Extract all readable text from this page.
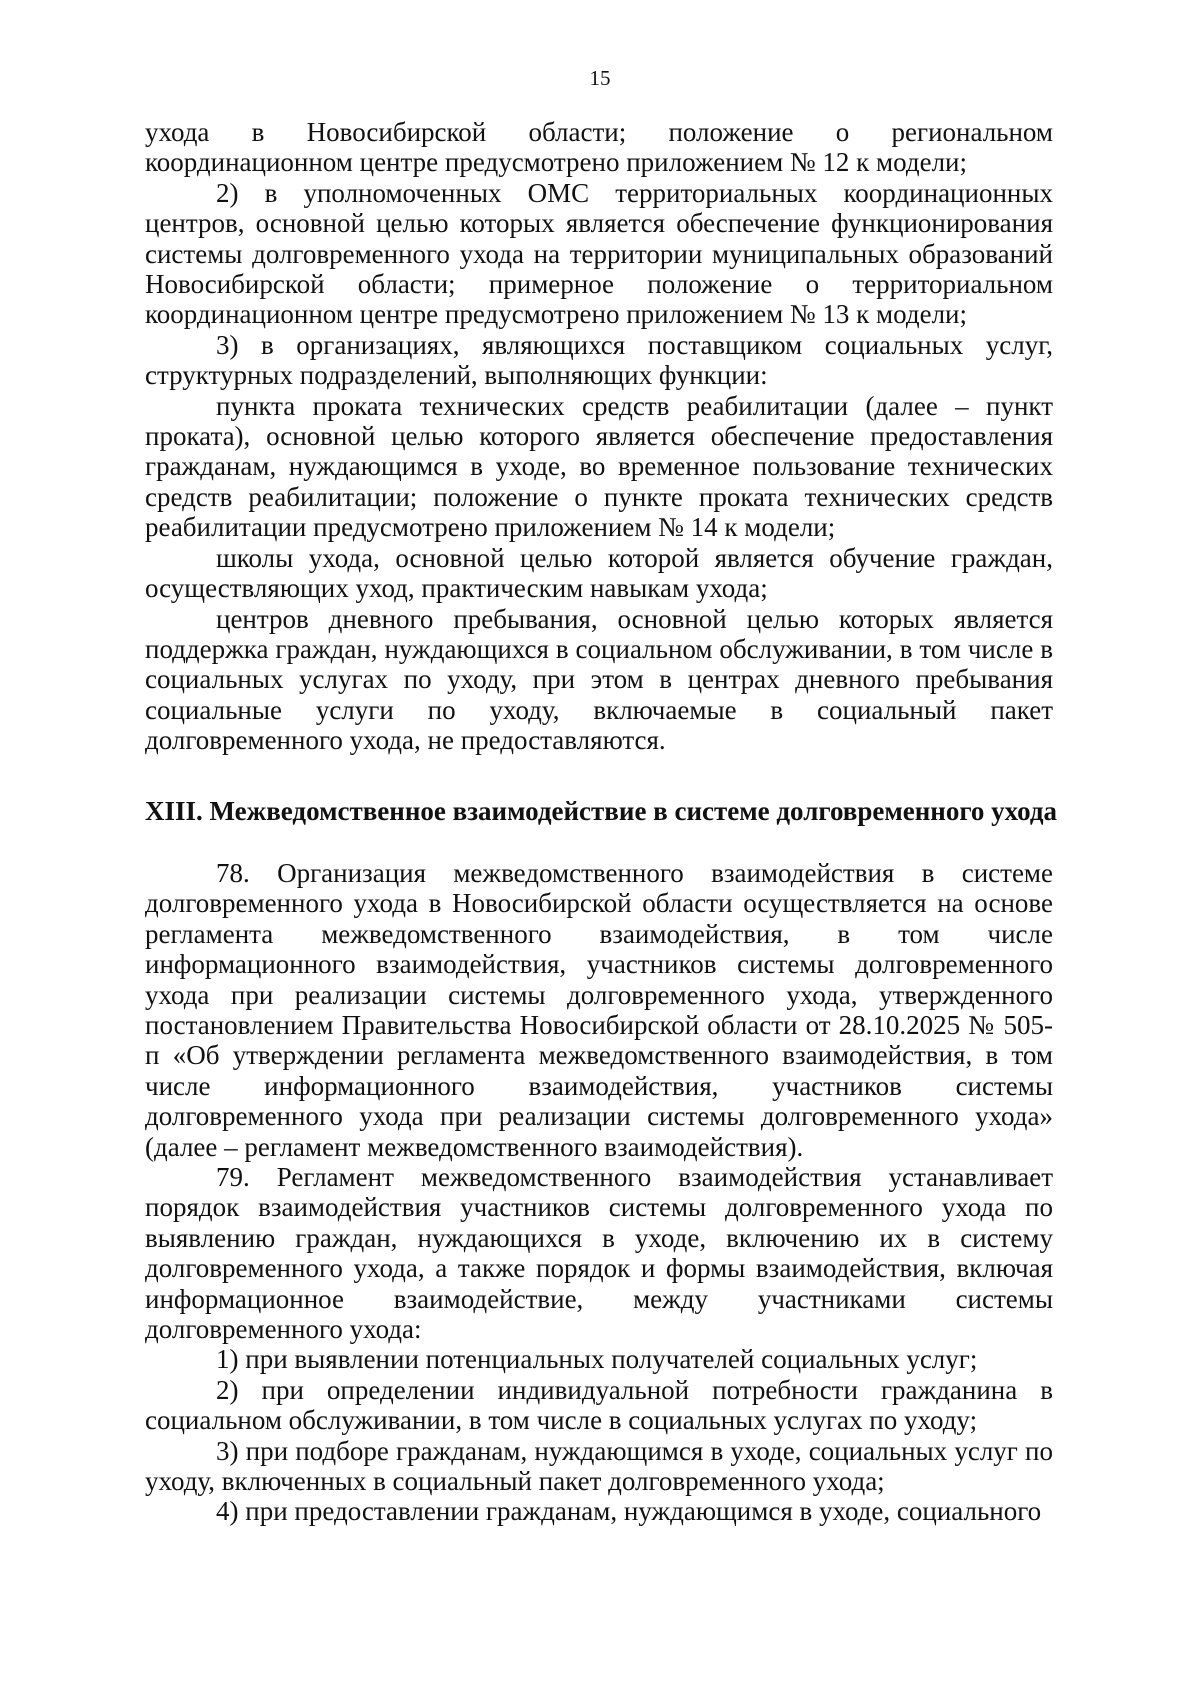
15

ухода в Новосибирской области; положение о региональном координационном центре предусмотрено приложением № 12 к модели;

2) в уполномоченных ОМС территориальных координационных центров, основной целью которых является обеспечение функционирования системы долговременного ухода на территории муниципальных образований Новосибирской области; примерное положение о территориальном координационном центре предусмотрено приложением № 13 к модели;

3) в организациях, являющихся поставщиком социальных услуг, структурных подразделений, выполняющих функции:

пункта проката технических средств реабилитации (далее – пункт проката), основной целью которого является обеспечение предоставления гражданам, нуждающимся в уходе, во временное пользование технических средств реабилитации; положение о пункте проката технических средств реабилитации предусмотрено приложением № 14 к модели;

школы ухода, основной целью которой является обучение граждан, осуществляющих уход, практическим навыкам ухода;

центров дневного пребывания, основной целью которых является поддержка граждан, нуждающихся в социальном обслуживании, в том числе в социальных услугах по уходу, при этом в центрах дневного пребывания социальные услуги по уходу, включаемые в социальный пакет долговременного ухода, не предоставляются.

XIII. Межведомственное взаимодействие в системе долговременного ухода

78. Организация межведомственного взаимодействия в системе долговременного ухода в Новосибирской области осуществляется на основе регламента межведомственного взаимодействия, в том числе информационного взаимодействия, участников системы долговременного ухода при реализации системы долговременного ухода, утвержденного постановлением Правительства Новосибирской области от 28.10.2025 № 505-п «Об утверждении регламента межведомственного взаимодействия, в том числе информационного взаимодействия, участников системы долговременного ухода при реализации системы долговременного ухода» (далее – регламент межведомственного взаимодействия).

79. Регламент межведомственного взаимодействия устанавливает порядок взаимодействия участников системы долговременного ухода по выявлению граждан, нуждающихся в уходе, включению их в систему долговременного ухода, а также порядок и формы взаимодействия, включая информационное взаимодействие, между участниками системы долговременного ухода:

1) при выявлении потенциальных получателей социальных услуг;

2) при определении индивидуальной потребности гражданина в социальном обслуживании, в том числе в социальных услугах по уходу;

3) при подборе гражданам, нуждающимся в уходе, социальных услуг по уходу, включенных в социальный пакет долговременного ухода;

4) при предоставлении гражданам, нуждающимся в уходе, социального
